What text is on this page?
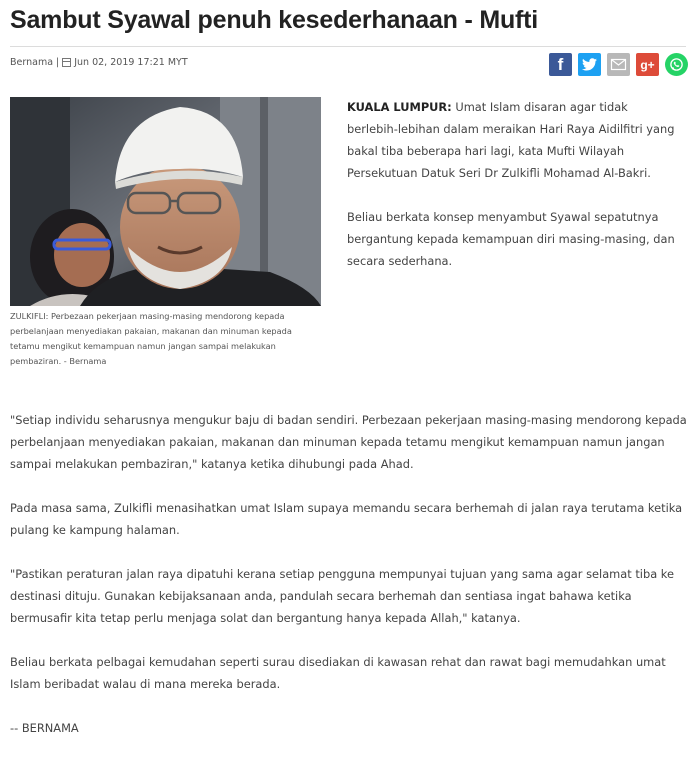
Sambut Syawal penuh kesederhanaan - Mufti
Bernama | Jun 02, 2019 17:21 MYT	f	g+

ZULKIFLI: Perbezaan pekerjaan masing-masing mendorong kepada perbelanjaan menyediakan pakaian, makanan dan minuman kepada tetamu mengikut kemampuan namun jangan sampai melakukan pembaziran. - Bernama

KUALA LUMPUR: Umat Islam disaran agar tidak berlebih-lebihan dalam meraikan Hari Raya Aidilfitri yang bakal tiba beberapa hari lagi, kata Mufti Wilayah Persekutuan Datuk Seri Dr Zulkifli Mohamad Al-Bakri.

Beliau berkata konsep menyambut Syawal sepatutnya bergantung kepada kemampuan diri masing-masing, dan secara sederhana.

"Setiap individu seharusnya mengukur baju di badan sendiri. Perbezaan pekerjaan masing-masing mendorong kepada perbelanjaan menyediakan pakaian, makanan dan minuman kepada tetamu mengikut kemampuan namun jangan sampai melakukan pembaziran," katanya ketika dihubungi pada Ahad.

Pada masa sama, Zulkifli menasihatkan umat Islam supaya memandu secara berhemah di jalan raya terutama ketika pulang ke kampung halaman.

"Pastikan peraturan jalan raya dipatuhi kerana setiap pengguna mempunyai tujuan yang sama agar selamat tiba ke destinasi dituju. Gunakan kebijaksanaan anda, pandulah secara berhemah dan sentiasa ingat bahawa ketika bermusafir kita tetap perlu menjaga solat dan bergantung hanya kepada Allah," katanya.

Beliau berkata pelbagai kemudahan seperti surau disediakan di kawasan rehat dan rawat bagi memudahkan umat Islam beribadat walau di mana mereka berada.

-- BERNAMA
